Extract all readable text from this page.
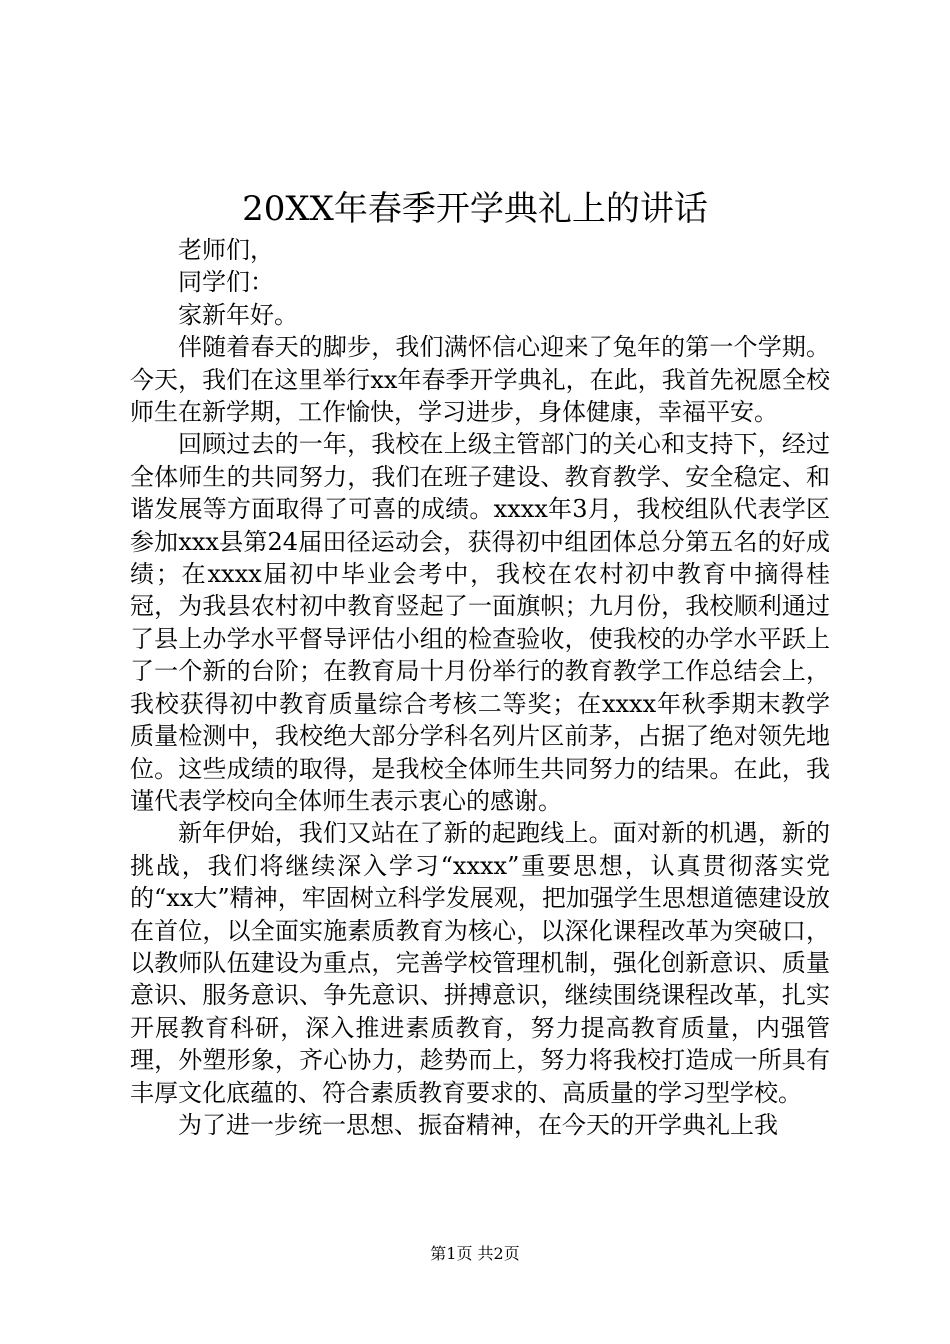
20XX年春季开学典礼上的讲话

老师们，

同学们：

家新年好。

伴随着春天的脚步，我们满怀信心迎来了兔年的第一个学期。今天，我们在这里举行xx年春季开学典礼，在此，我首先祝愿全校师生在新学期，工作愉快，学习进步，身体健康，幸福平安。

回顾过去的一年，我校在上级主管部门的关心和支持下，经过全体师生的共同努力，我们在班子建设、教育教学、安全稳定、和谐发展等方面取得了可喜的成绩。xxxx年3月，我校组队代表学区参加xxx县第24届田径运动会，获得初中组团体总分第五名的好成绩；在xxxx届初中毕业会考中，我校在农村初中教育中摘得桂冠，为我县农村初中教育竖起了一面旗帜；九月份，我校顺利通过了县上办学水平督导评估小组的检查验收，使我校的办学水平跃上了一个新的台阶；在教育局十月份举行的教育教学工作总结会上，我校获得初中教育质量综合考核二等奖；在xxxx年秋季期末教学质量检测中，我校绝大部分学科名列片区前茅，占据了绝对领先地位。这些成绩的取得，是我校全体师生共同努力的结果。在此，我谨代表学校向全体师生表示衷心的感谢。

新年伊始，我们又站在了新的起跑线上。面对新的机遇，新的挑战，我们将继续深入学习“xxxx”重要思想，认真贯彻落实党的“xx大”精神，牢固树立科学发展观，把加强学生思想道德建设放在首位，以全面实施素质教育为核心，以深化课程改革为突破口，以教师队伍建设为重点，完善学校管理机制，强化创新意识、质量意识、服务意识、争先意识、拼搏意识，继续围绕课程改革，扎实开展教育科研，深入推进素质教育，努力提高教育质量，内强管理，外塑形象，齐心协力，趁势而上，努力将我校打造成一所具有丰厚文化底蕴的、符合素质教育要求的、高质量的学习型学校。

为了进一步统一思想、振奋精神，在今天的开学典礼上我

第1页 共2页
